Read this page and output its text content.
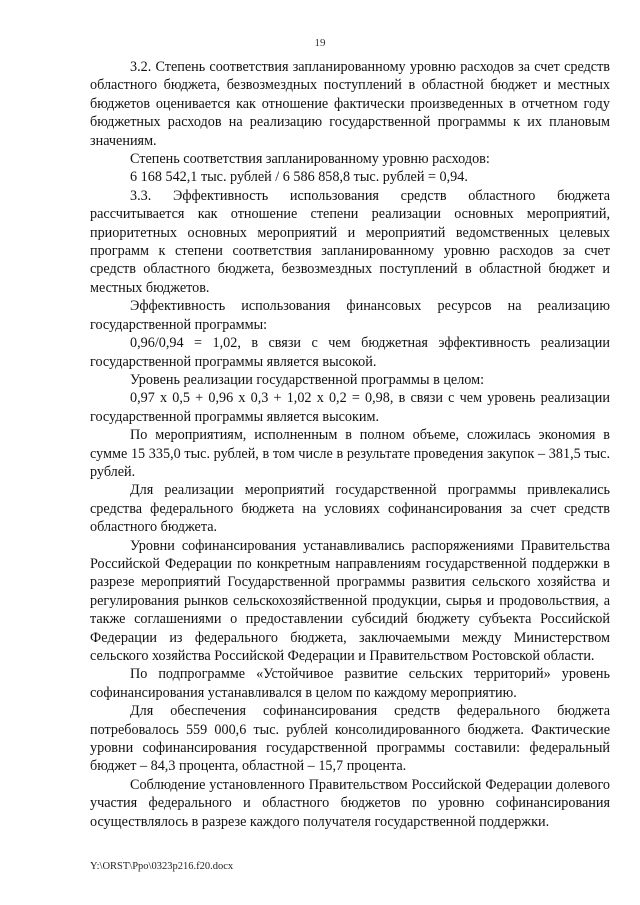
19

3.2. Степень соответствия запланированному уровню расходов за счет средств областного бюджета, безвозмездных поступлений в областной бюджет и местных бюджетов оценивается как отношение фактически произведенных в отчетном году бюджетных расходов на реализацию государственной программы к их плановым значениям.

Степень соответствия запланированному уровню расходов:

6 168 542,1 тыс. рублей / 6 586 858,8 тыс. рублей = 0,94.

3.3. Эффективность использования средств областного бюджета рассчитывается как отношение степени реализации основных мероприятий, приоритетных основных мероприятий и мероприятий ведомственных целевых программ к степени соответствия запланированному уровню расходов за счет средств областного бюджета, безвозмездных поступлений в областной бюджет и местных бюджетов.

Эффективность использования финансовых ресурсов на реализацию государственной программы:

0,96/0,94 = 1,02, в связи с чем бюджетная эффективность реализации государственной программы является высокой.

Уровень реализации государственной программы в целом:

0,97 х 0,5 + 0,96 х 0,3 + 1,02 х 0,2 = 0,98, в связи с чем уровень реализации государственной программы является высоким.

По мероприятиям, исполненным в полном объеме, сложилась экономия в сумме 15 335,0 тыс. рублей, в том числе в результате проведения закупок – 381,5 тыс. рублей.

Для реализации мероприятий государственной программы привлекались средства федерального бюджета на условиях софинансирования за счет средств областного бюджета.

Уровни софинансирования устанавливались распоряжениями Правительства Российской Федерации по конкретным направлениям государственной поддержки в разрезе мероприятий Государственной программы развития сельского хозяйства и регулирования рынков сельскохозяйственной продукции, сырья и продовольствия, а также соглашениями о предоставлении субсидий бюджету субъекта Российской Федерации из федерального бюджета, заключаемыми между Министерством сельского хозяйства Российской Федерации и Правительством Ростовской области.

По подпрограмме «Устойчивое развитие сельских территорий» уровень софинансирования устанавливался в целом по каждому мероприятию.

Для обеспечения софинансирования средств федерального бюджета потребовалось 559 000,6 тыс. рублей консолидированного бюджета. Фактические уровни софинансирования государственной программы составили: федеральный бюджет – 84,3 процента, областной – 15,7 процента.

Соблюдение установленного Правительством Российской Федерации долевого участия федерального и областного бюджетов по уровню софинансирования осуществлялось в разрезе каждого получателя государственной поддержки.

Y:\ORST\Ppo\0323p216.f20.docx
